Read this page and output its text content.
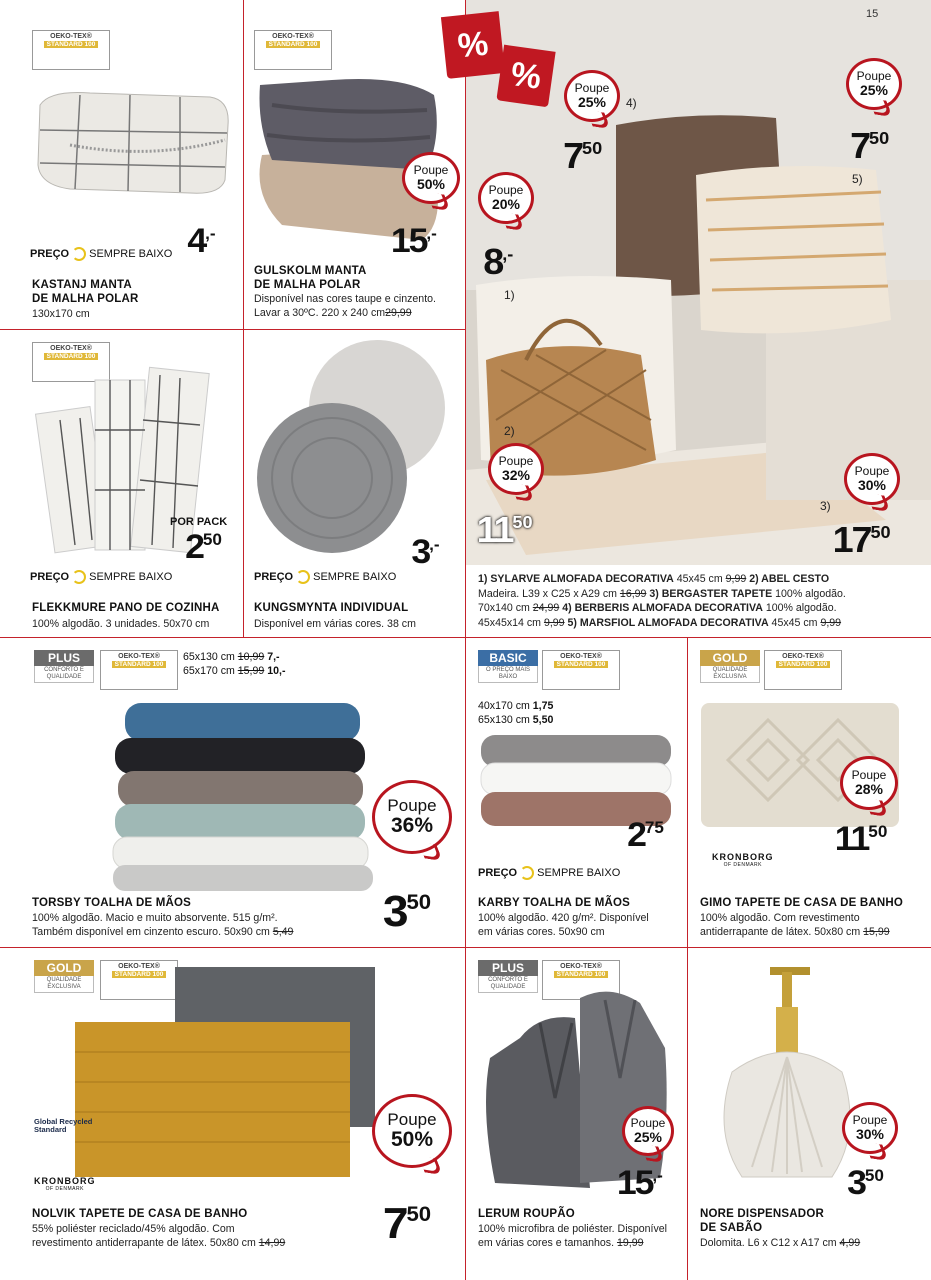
OEKO-TEX®
STANDARD 100
4,-
PREÇO SEMPRE BAIXO
KASTANJ MANTA
DE MALHA POLAR
130x170 cm
OEKO-TEX®
STANDARD 100
Poupe
50%
15,-
GULSKOLM MANTA
DE MALHA POLAR
Disponível nas cores taupe e cinzento.
Lavar a 30ºC. 220 x 240 cm29,99
OEKO-TEX®
STANDARD 100
POR PACK
$2^{50}$
PREÇO SEMPRE BAIXO
FLEKKMURE PANO DE COZINHA
100% algodão. 3 unidades. 50x70 cm
3,-
PREÇO SEMPRE BAIXO
KUNGSMYNTA INDIVIDUAL
Disponível em várias cores. 38 cm
%
%
15
Poupe
25%	4)
$7^{50}$
Poupe
25%
$7^{50}$
5)
Poupe
20%
8,-
1)
2)
Poupe
32%
$11^{50}$
Poupe
30%
3)
$17^{50}$
1) SYLARVE ALMOFADA DECORATIVA 45x45 cm 9,99 2) ABEL CESTO
Madeira. L39 x C25 x A29 cm 16,99 3) BERGASTER TAPETE 100% algodão.
70x140 cm 24,99 4) BERBERIS ALMOFADA DECORATIVA 100% algodão.
45x45x14 cm 9,99 5) MARSFIOL ALMOFADA DECORATIVA 45x45 cm 9,99
PLUS
CONFORTO E QUALIDADE
OEKO-TEX®
STANDARD 100
65x130 cm 10,99 7,-
65x170 cm 15,99 10,-
Poupe
36%
$3^{50}$
TORSBY TOALHA DE MÃOS
100% algodão. Macio e muito absorvente. 515 g/m².
Também disponível em cinzento escuro. 50x90 cm 5,49
BASIC
O PREÇO MAIS BAIXO
OEKO-TEX®
STANDARD 100
40x170 cm 1,75
65x130 cm 5,50
$2^{75}$
PREÇO SEMPRE BAIXO
KARBY TOALHA DE MÃOS
100% algodão. 420 g/m². Disponível
em várias cores. 50x90 cm
GOLD
QUALIDADE EXCLUSIVA
OEKO-TEX®
STANDARD 100
Poupe
28%
$11^{50}$
KRONBORG
OF DENMARK
GIMO TAPETE DE CASA DE BANHO
100% algodão. Com revestimento
antiderrapante de látex. 50x80 cm 15,99
GOLD
QUALIDADE EXCLUSIVA
OEKO-TEX®
STANDARD 100
Poupe
50%
$7^{50}$
Global Recycled Standard
KRONBORG
OF DENMARK
NOLVIK TAPETE DE CASA DE BANHO
55% poliéster reciclado/45% algodão. Com
revestimento antiderrapante de látex. 50x80 cm 14,99
PLUS
CONFORTO E QUALIDADE
OEKO-TEX®
STANDARD 100
Poupe
25%
15,-
LERUM ROUPÃO
100% microfibra de poliéster. Disponível
em várias cores e tamanhos. 19,99
Poupe
30%
$3^{50}$
NORE DISPENSADOR
DE SABÃO
Dolomita. L6 x C12 x A17 cm 4,99
